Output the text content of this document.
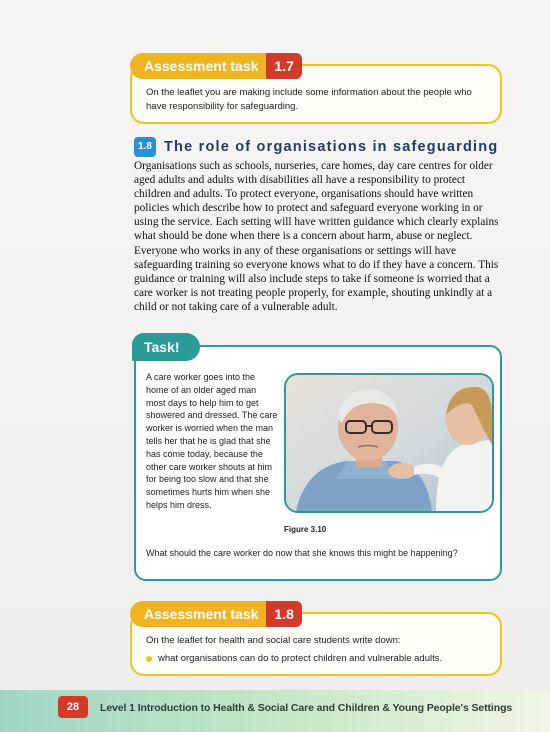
Assessment task	1.7
On the leaflet you are making include some information about the people who have responsibility for safeguarding.
1.8 The role of organisations in safeguarding

Organisations such as schools, nurseries, care homes, day care centres for older aged adults and adults with disabilities all have a responsibility to protect children and adults. To protect everyone, organisations should have written policies which describe how to protect and safeguard everyone working in or using the service. Each setting will have written guidance which clearly explains what should be done when there is a concern about harm, abuse or neglect. Everyone who works in any of these organisations or settings will have safeguarding training so everyone knows what to do if they have a concern. This guidance or training will also include steps to take if someone is worried that a care worker is not treating people properly, for example, shouting unkindly at a child or not taking care of a vulnerable adult.

Task!
A care worker goes into the home of an older aged man most days to help him to get showered and dressed. The care worker is worried when the man tells her that he is glad that she has come today, because the other care worker shouts at him for being too slow and that she sometimes hurts him when she helps him dress.
Figure 3.10
What should the care worker do now that she knows this might be happening?
Assessment task	1.8
On the leaflet for health and social care students write down:
what organisations can do to protect children and vulnerable adults.
28	Level 1 Introduction to Health & Social Care and Children & Young People's Settings
